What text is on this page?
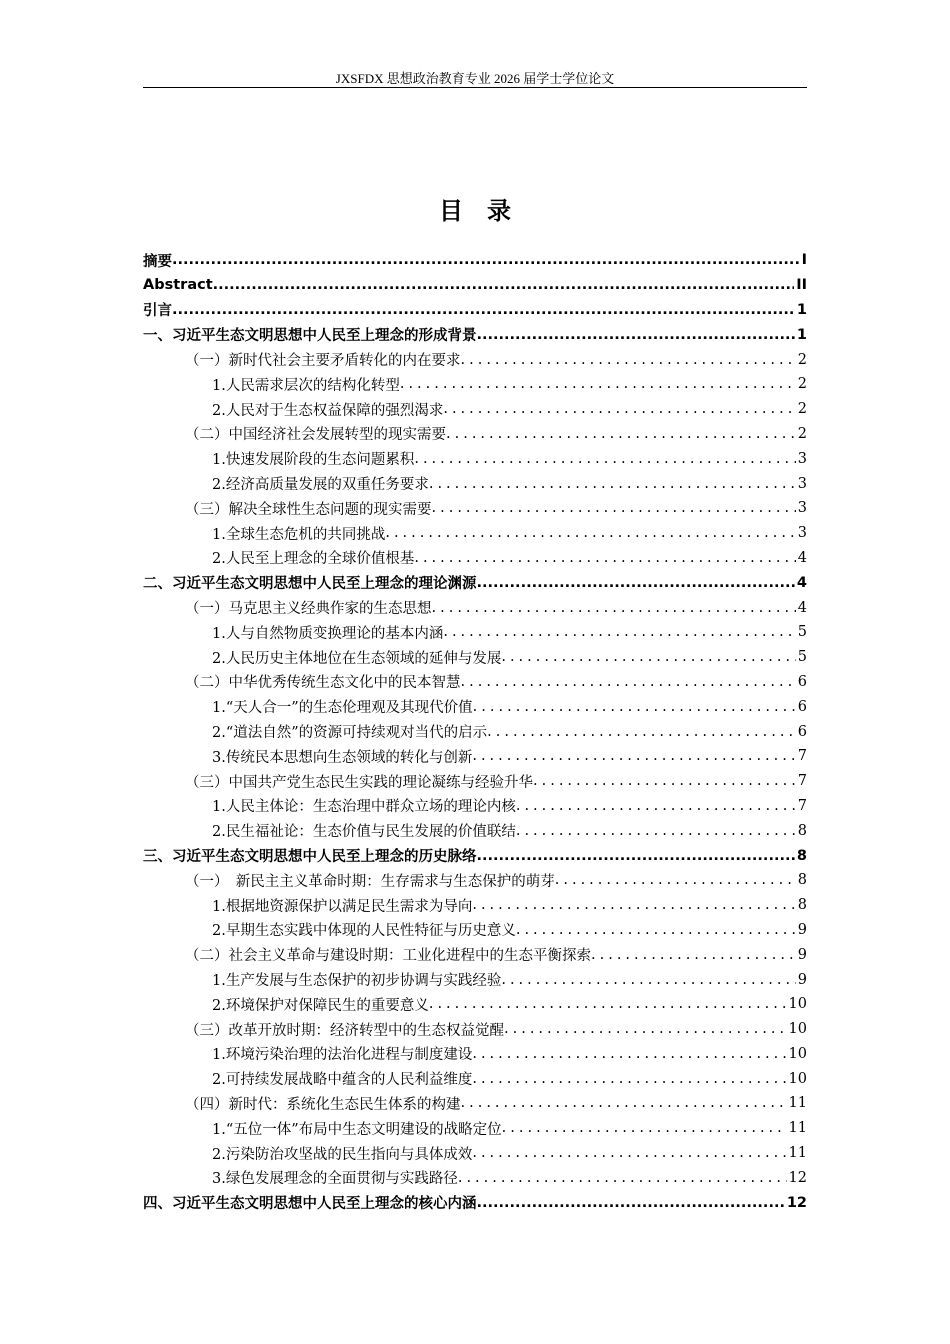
JXSFDX 思想政治教育专业 2026 届学士学位论文
目　录
摘要 .....	I
Abstract .....	II
引言 .....	1
一、习近平生态文明思想中人民至上理念的形成背景 .....	1
（一）新时代社会主要矛盾转化的内在要求 .....	2
1.人民需求层次的结构化转型 .....	2
2.人民对于生态权益保障的强烈渴求 .....	2
（二）中国经济社会发展转型的现实需要 .....	2
1.快速发展阶段的生态问题累积 .....	3
2.经济高质量发展的双重任务要求 .....	3
（三）解决全球性生态问题的现实需要 .....	3
1.全球生态危机的共同挑战 .....	3
2.人民至上理念的全球价值根基 .....	4
二、习近平生态文明思想中人民至上理念的理论渊源 .....	4
（一）马克思主义经典作家的生态思想 .....	4
1.人与自然物质变换理论的基本内涵 .....	5
2.人民历史主体地位在生态领域的延伸与发展 .....	5
（二）中华优秀传统生态文化中的民本智慧 .....	6
1.“天人合一”的生态伦理观及其现代价值 .....	6
2.“道法自然”的资源可持续观对当代的启示 .....	6
3.传统民本思想向生态领域的转化与创新 .....	7
（三）中国共产党生态民生实践的理论凝练与经验升华 .....	7
1.人民主体论：生态治理中群众立场的理论内核 .....	7
2.民生福祉论：生态价值与民生发展的价值联结 .....	8
三、习近平生态文明思想中人民至上理念的历史脉络 .....	8
（一）　新民主主义革命时期：生存需求与生态保护的萌芽 .....	8
1.根据地资源保护以满足民生需求为导向 .....	8
2.早期生态实践中体现的人民性特征与历史意义 .....	9
（二）社会主义革命与建设时期：工业化进程中的生态平衡探索 .....	9
1.生产发展与生态保护的初步协调与实践经验 .....	9
2.环境保护对保障民生的重要意义 .....	10
（三）改革开放时期：经济转型中的生态权益觉醒 .....	10
1.环境污染治理的法治化进程与制度建设 .....	10
2.可持续发展战略中蕴含的人民利益维度 .....	10
（四）新时代：系统化生态民生体系的构建 .....	11
1.“五位一体”布局中生态文明建设的战略定位 .....	11
2.污染防治攻坚战的民生指向与具体成效 .....	11
3.绿色发展理念的全面贯彻与实践路径 .....	12
四、习近平生态文明思想中人民至上理念的核心内涵 .....	12
